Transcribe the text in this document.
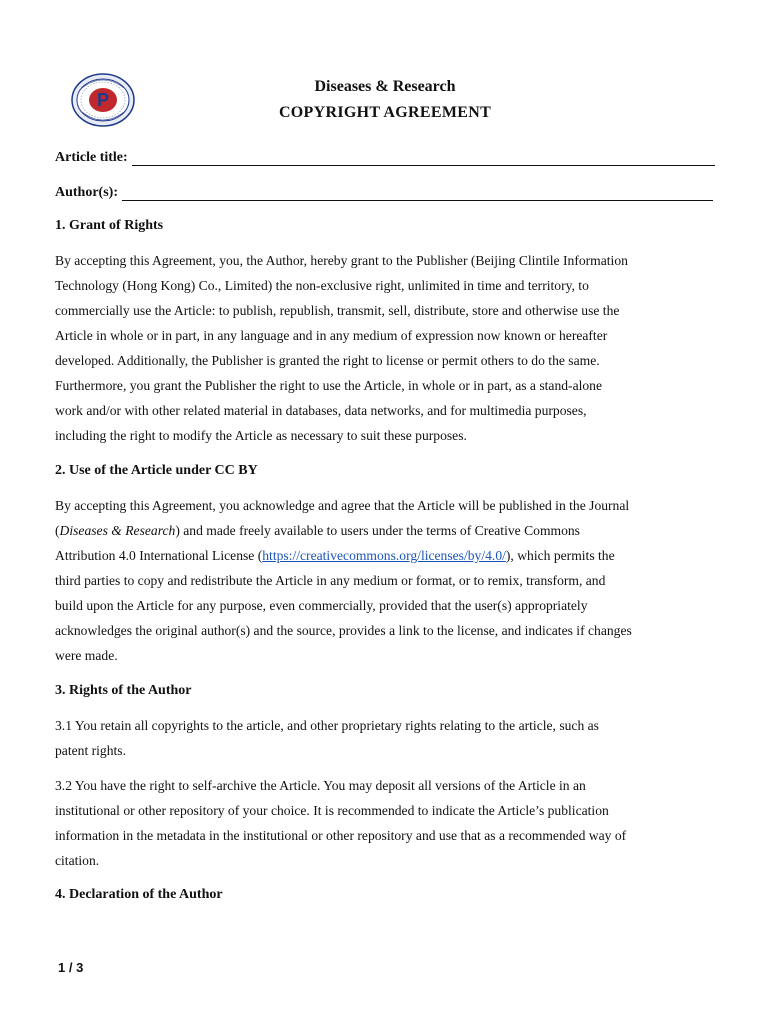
P
Diseases & Research
COPYRIGHT AGREEMENT
Article title:
Author(s):
1. Grant of Rights
By accepting this Agreement, you, the Author, hereby grant to the Publisher (Beijing Clintile Information
Technology (Hong Kong) Co., Limited) the non-exclusive right, unlimited in time and territory, to
commercially use the Article: to publish, republish, transmit, sell, distribute, store and otherwise use the
Article in whole or in part, in any language and in any medium of expression now known or hereafter
developed. Additionally, the Publisher is granted the right to license or permit others to do the same.
Furthermore, you grant the Publisher the right to use the Article, in whole or in part, as a stand-alone
work and/or with other related material in databases, data networks, and for multimedia purposes,
including the right to modify the Article as necessary to suit these purposes.
2. Use of the Article under CC BY
By accepting this Agreement, you acknowledge and agree that the Article will be published in the Journal
(Diseases & Research) and made freely available to users under the terms of Creative Commons
Attribution 4.0 International License (https://creativecommons.org/licenses/by/4.0/), which permits the
third parties to copy and redistribute the Article in any medium or format, or to remix, transform, and
build upon the Article for any purpose, even commercially, provided that the user(s) appropriately
acknowledges the original author(s) and the source, provides a link to the license, and indicates if changes
were made.
3. Rights of the Author
3.1 You retain all copyrights to the article, and other proprietary rights relating to the article, such as
patent rights.
3.2 You have the right to self-archive the Article. You may deposit all versions of the Article in an
institutional or other repository of your choice. It is recommended to indicate the Article’s publication
information in the metadata in the institutional or other repository and use that as a recommended way of
citation.
4. Declaration of the Author
1 / 3
